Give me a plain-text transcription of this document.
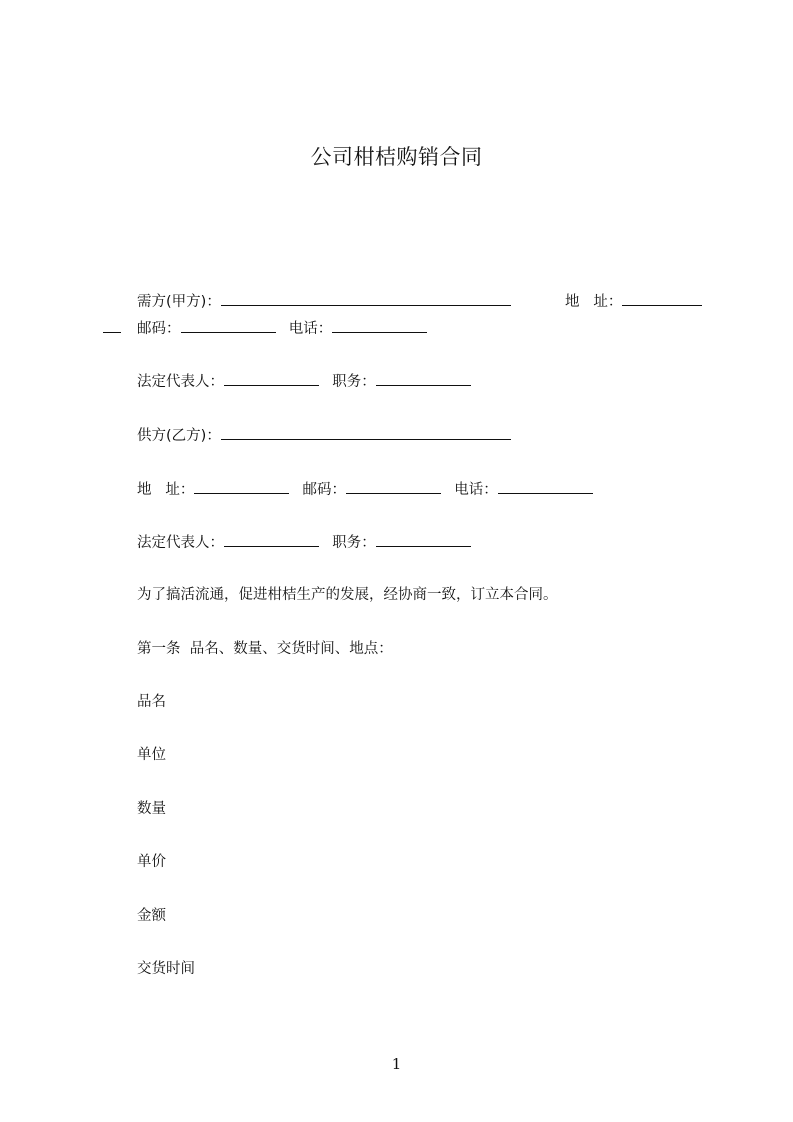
公司柑桔购销合同
需方(甲方)：	地   址：
邮码：	电话：
法定代表人：	职务：
供方(乙方)：
地   址：	邮码：	电话：
法定代表人：	职务：
为了搞活流通，促进柑桔生产的发展，经协商一致，订立本合同。
第一条  品名、数量、交货时间、地点：
品名
单位
数量
单价
金额
交货时间
1
